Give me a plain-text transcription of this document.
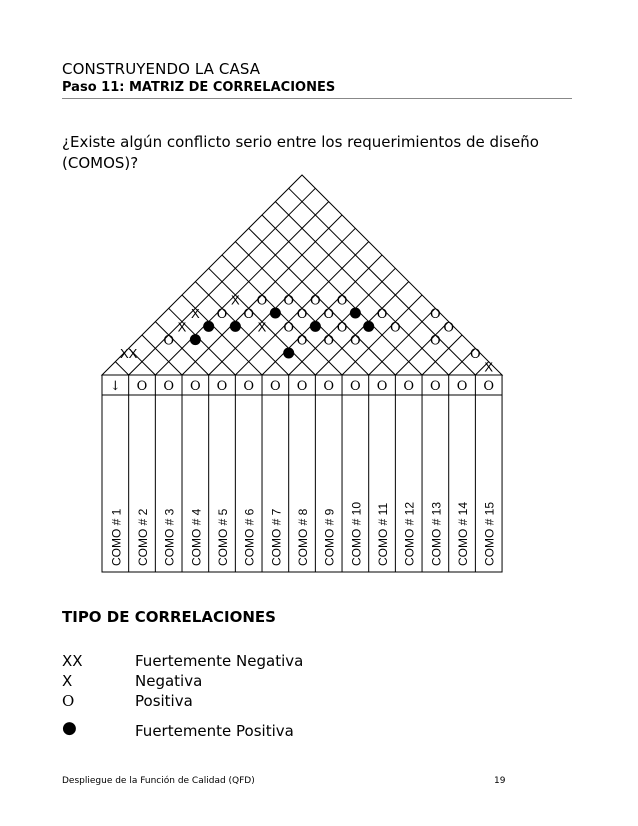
CONSTRUYENDO LA CASA
Paso 11: MATRIZ DE CORRELACIONES
¿Existe algún conflicto serio entre los requerimientos de diseño (COMOS)?
↓ O O O O O O O O O O O O O O
COMO # 1 COMO # 2 COMO # 3 COMO # 4 COMO # 5 COMO # 6 COMO # 7 COMO # 8 COMO # 9 COMO # 10 COMO # 11 COMO # 12 COMO # 13 COMO # 14 COMO # 15
XX
O
X
X O
X
O
O
X
O
O
O
O
O
O
O
O
O
O
O
O
O
O
O
O
X
TIPO DE CORRELACIONES
XX	Fuertemente Negativa
X	Negativa
O	Positiva
●	Fuertemente Positiva
Despliegue de la Función de Calidad (QFD)	19
